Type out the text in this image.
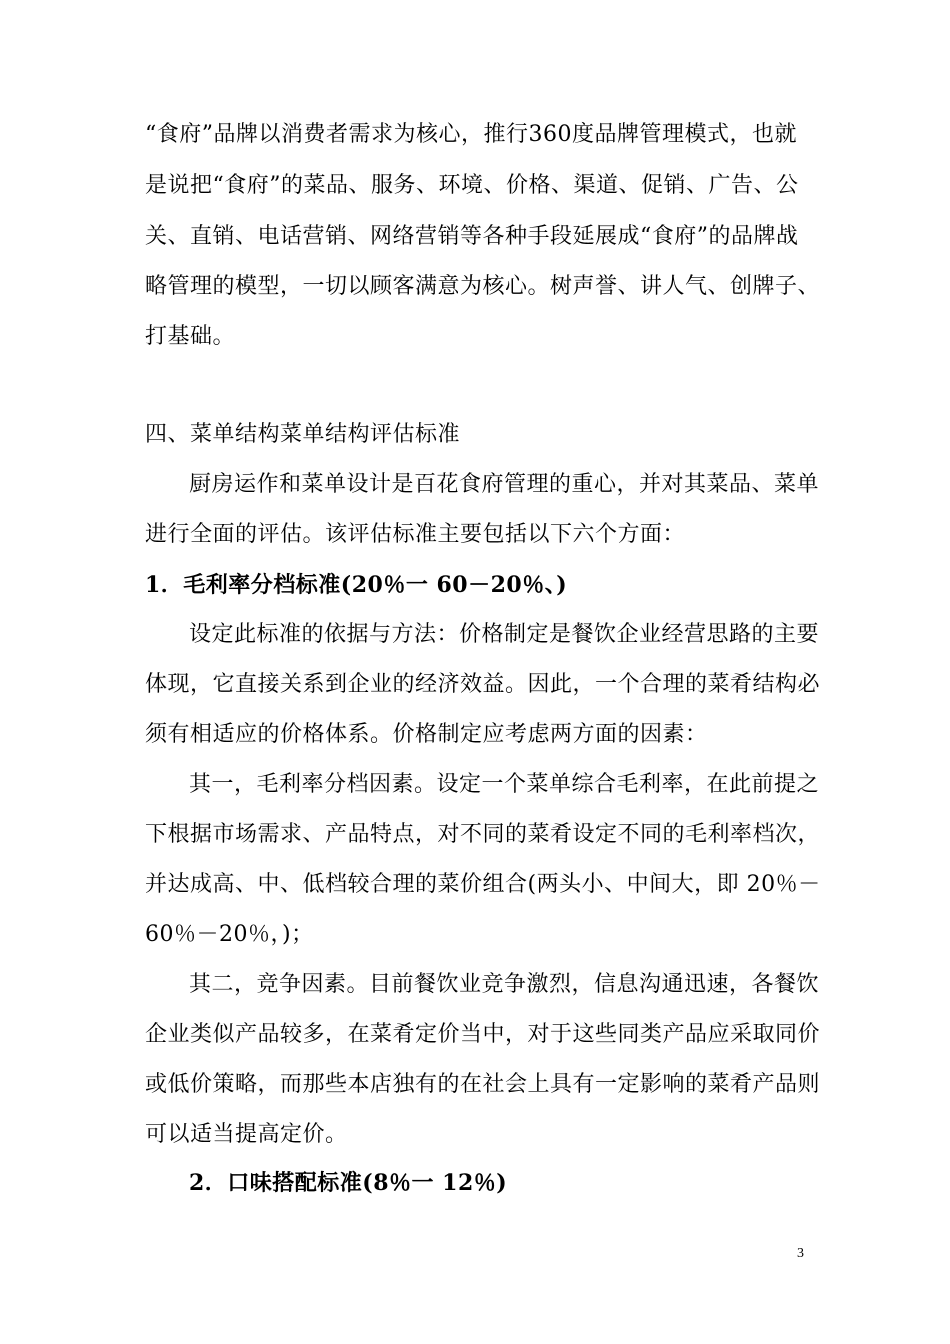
“食府”品牌以消费者需求为核心，推行360度品牌管理模式，也就
是说把“食府”的菜品、服务、环境、价格、渠道、促销、广告、公
关、直销、电话营销、网络营销等各种手段延展成“食府”的品牌战
略管理的模型，一切以顾客满意为核心。树声誉、讲人气、创牌子、
打基础。
四、菜单结构菜单结构评估标准
厨房运作和菜单设计是百花食府管理的重心，并对其菜品、菜单
进行全面的评估。该评估标准主要包括以下六个方面：
1．毛利率分档标准(20％一 60－20％、)
设定此标准的依据与方法：价格制定是餐饮企业经营思路的主要
体现，它直接关系到企业的经济效益。因此，一个合理的菜肴结构必
须有相适应的价格体系。价格制定应考虑两方面的因素：
其一，毛利率分档因素。设定一个菜单综合毛利率，在此前提之
下根据市场需求、产品特点，对不同的菜肴设定不同的毛利率档次，
并达成高、中、低档较合理的菜价组合(两头小、中间大，即 20％－
60％－20％，)；
其二，竞争因素。目前餐饮业竞争激烈，信息沟通迅速，各餐饮
企业类似产品较多，在菜肴定价当中，对于这些同类产品应采取同价
或低价策略，而那些本店独有的在社会上具有一定影响的菜肴产品则
可以适当提高定价。
2．口味搭配标准(8％一 12％)
3
